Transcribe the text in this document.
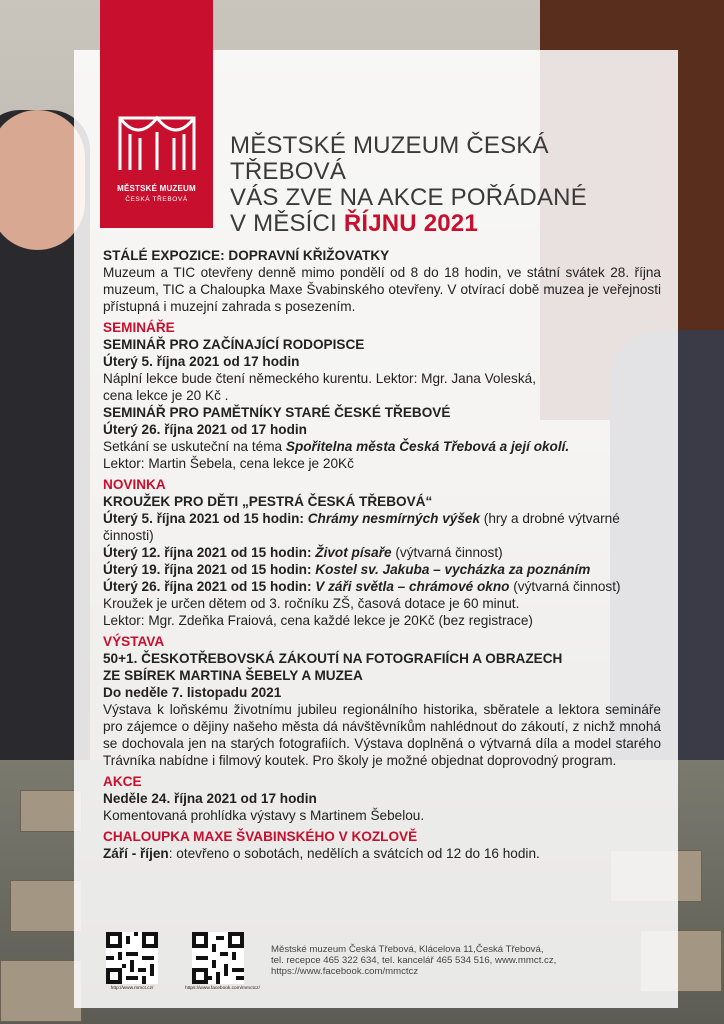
MĚSTSKÉ MUZEUM
ČESKÁ TŘEBOVÁ
MĚSTSKÉ MUZEUM ČESKÁ TŘEBOVÁ
VÁS ZVE NA AKCE POŘÁDANÉ
V MĚSÍCI ŘÍJNU 2021
STÁLÉ EXPOZICE: DOPRAVNÍ KŘIŽOVATKY
Muzeum a TIC otevřeny denně mimo pondělí od 8 do 18 hodin, ve státní svátek 28. října muzeum, TIC a Chaloupka Maxe Švabinského otevřeny. V otvírací době muzea je veřejnosti přístupná i muzejní zahrada s posezením.
SEMINÁŘE
SEMINÁŘ PRO ZAČÍNAJÍCÍ RODOPISCE
Úterý 5. října 2021 od 17 hodin
Náplní lekce bude čtení německého kurentu. Lektor: Mgr. Jana Voleská,
cena lekce je 20 Kč .
SEMINÁŘ PRO PAMĚTNÍKY STARÉ ČESKÉ TŘEBOVÉ
Úterý 26. října 2021 od 17 hodin
Setkání se uskuteční na téma Spořitelna města Česká Třebová a její okolí.
Lektor: Martin Šebela, cena lekce je 20Kč
NOVINKA
KROUŽEK PRO DĚTI „PESTRÁ ČESKÁ TŘEBOVÁ“
Úterý 5. října 2021 od 15 hodin: Chrámy nesmírných výšek (hry a drobné výtvarné činnosti)
Úterý 12. října 2021 od 15 hodin: Život písaře (výtvarná činnost)
Úterý 19. října 2021 od 15 hodin: Kostel sv. Jakuba – vycházka za poznáním
Úterý 26. října 2021 od 15 hodin: V záři světla – chrámové okno (výtvarná činnost)
Kroužek je určen dětem od 3. ročníku ZŠ, časová dotace je 60 minut.
Lektor: Mgr. Zdeňka Fraiová, cena každé lekce je 20Kč (bez registrace)
VÝSTAVA
50+1. ČESKOTŘEBOVSKÁ ZÁKOUTÍ NA FOTOGRAFIÍCH A OBRAZECH
ZE SBÍREK MARTINA ŠEBELY A MUZEA
Do neděle 7. listopadu 2021
Výstava k loňskému životnímu jubileu regionálního historika, sběratele a lektora semináře pro zájemce o dějiny našeho města dá návštěvníkům nahlédnout do zákoutí, z nichž mnohá se dochovala jen na starých fotografiích. Výstava doplněná o výtvarná díla a model starého Trávníka nabídne i filmový koutek. Pro školy je možné objednat doprovodný program.
AKCE
Neděle 24. října 2021 od 17 hodin
Komentovaná prohlídka výstavy s Martinem Šebelou.
CHALOUPKA MAXE ŠVABINSKÉHO V KOZLOVĚ
Září - říjen: otevřeno o sobotách, nedělích a svátcích od 12 do 16 hodin.
http://www.mmct.cz/	https://www.facebook.com/mmctcz/
Městské muzeum Česká Třebová, Klácelova 11,Česká Třebová,
tel. recepce 465 322 634, tel. kancelář 465 534 516, www.mmct.cz,
https://www.facebook.com/mmctcz
